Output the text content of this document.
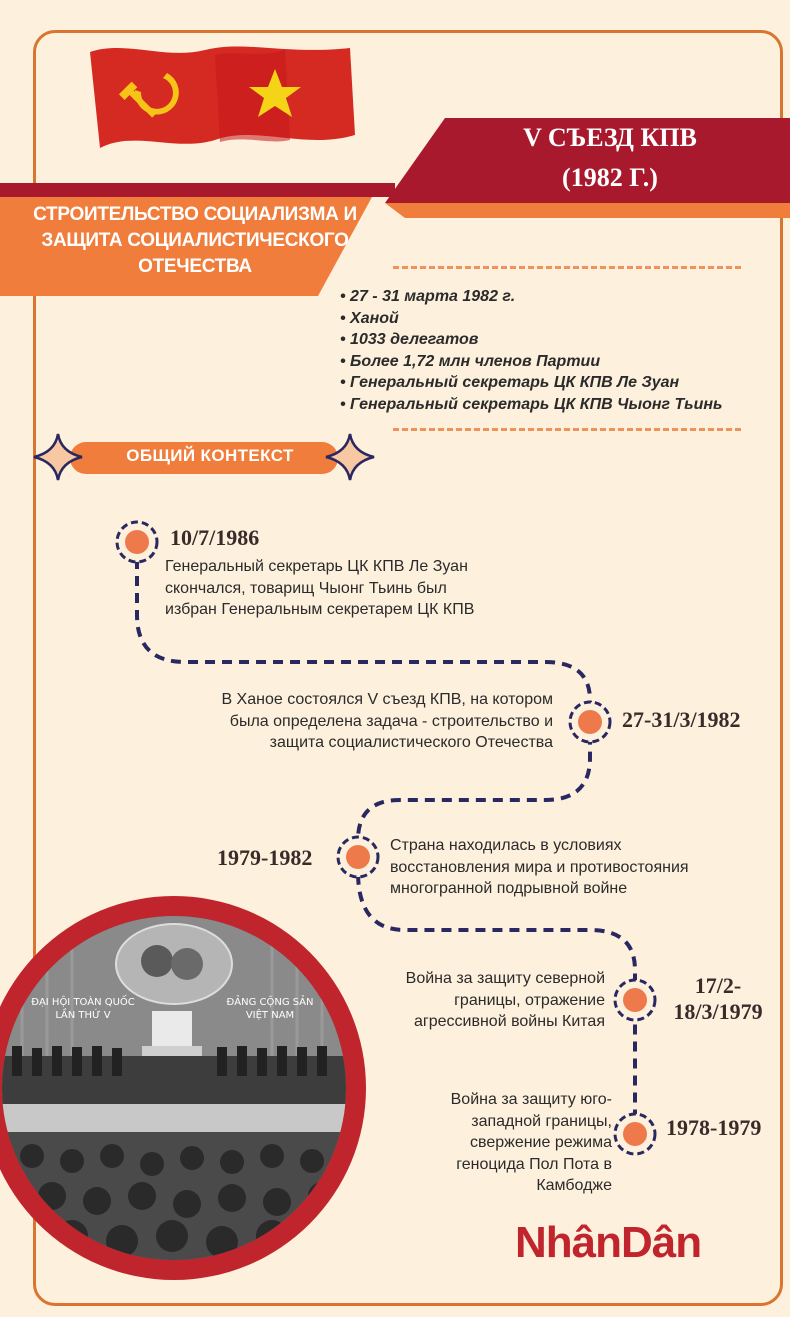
V СЪЕЗД КПВ
(1982 Г.)
СТРОИТЕЛЬСТВО СОЦИАЛИЗМА И
ЗАЩИТА СОЦИАЛИСТИЧЕСКОГО
ОТЕЧЕСТВА
• 27 - 31 марта 1982 г.
• Ханой
• 1033 делегатов
• Более 1,72 млн членов Партии
• Генеральный секретарь ЦК КПВ Ле Зуан
• Генеральный секретарь ЦК КПВ Чыонг Тьинь
ОБЩИЙ КОНТЕКСТ
10/7/1986
Генеральный секретарь ЦК КПВ Ле Зуан
скончался, товарищ Чыонг Тьинь был
избран Генеральным секретарем ЦК КПВ
В Ханое состоялся V съезд КПВ, на котором
была определена задача - строительство и
защита социалистического Отечества
27-31/3/1982
1979-1982	Страна находилась в условиях
восстановления мира и противостояния
многогранной подрывной войне
Война за защиту северной
границы, отражение
агрессивной войны Китая
17/2-
18/3/1979
Война за защиту юго-
западной границы,
свержение режима
геноцида Пол Пота в
Камбодже
1978-1979
ĐẠI HỘI TOÀN QUỐC
LẦN THỨ V
ĐẢNG CỘNG SẢN
VIỆT NAM
NhânDân
